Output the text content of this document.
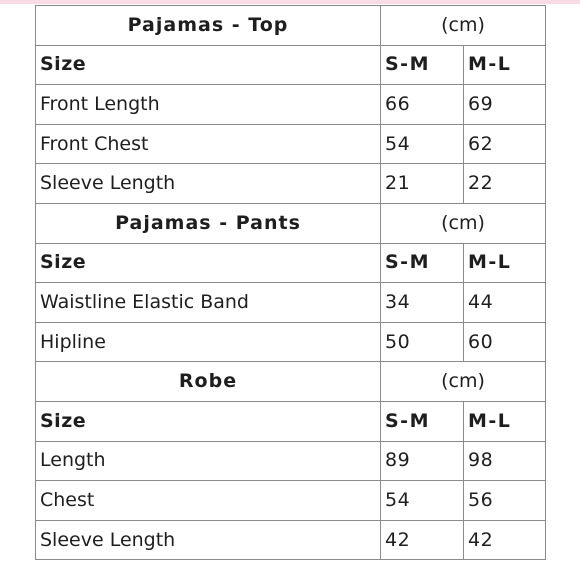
Pajamas - Top	(cm)	
Size	S-M	M-L
Front Length	66	69
Front Chest	54	62
Sleeve Length	21	22
Pajamas - Pants	(cm)	
Size	S-M	M-L
Waistline Elastic Band	34	44
Hipline	50	60
Robe	(cm)	
Size	S-M	M-L
Length	89	98
Chest	54	56
Sleeve Length	42	42
